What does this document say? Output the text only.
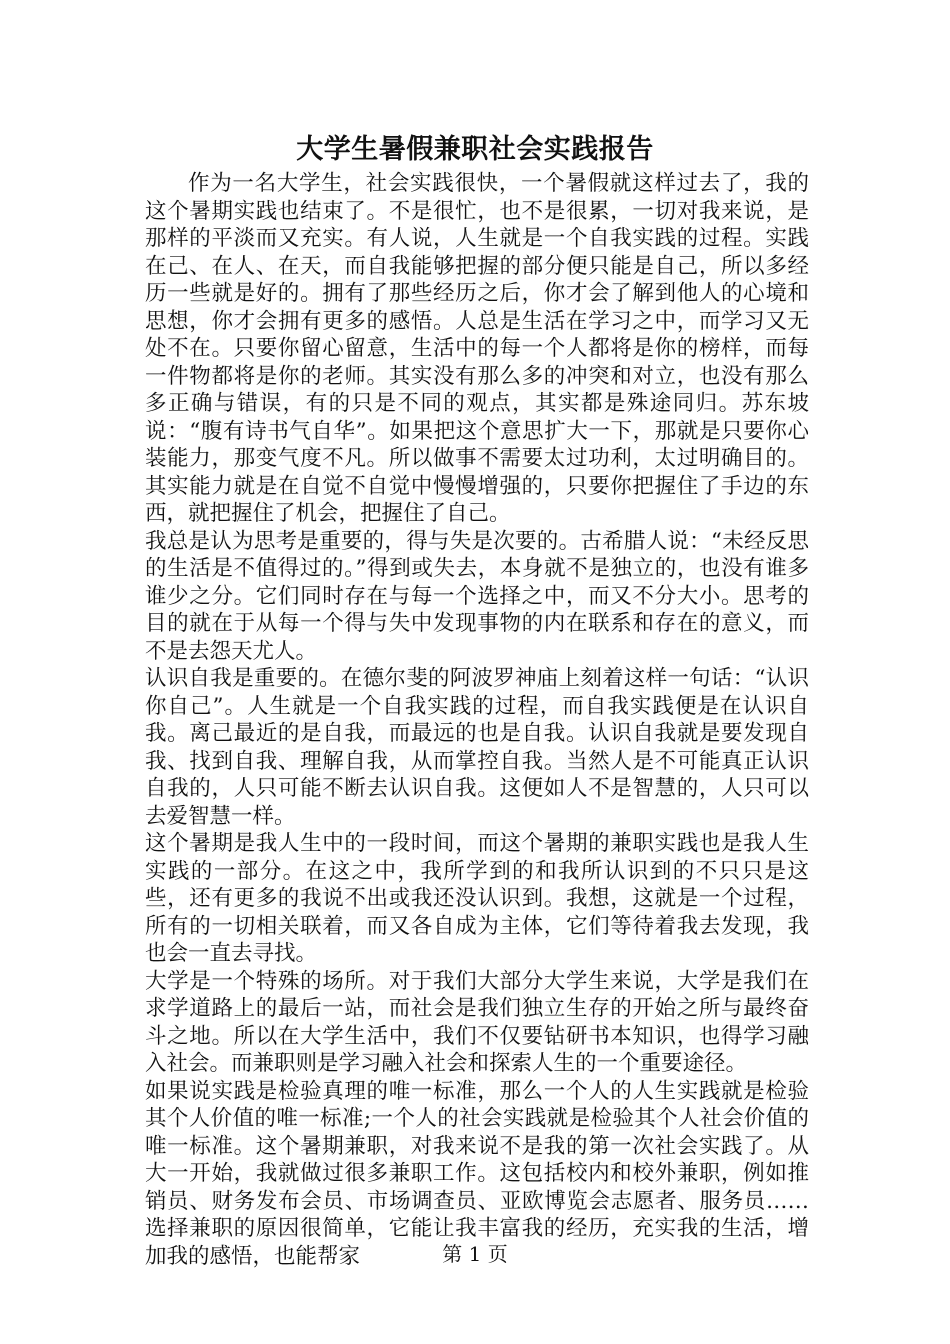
大学生暑假兼职社会实践报告

作为一名大学生，社会实践很快，一个暑假就这样过去了，我的这个暑期实践也结束了。不是很忙，也不是很累，一切对我来说，是那样的平淡而又充实。有人说，人生就是一个自我实践的过程。实践在己、在人、在天，而自我能够把握的部分便只能是自己，所以多经历一些就是好的。拥有了那些经历之后，你才会了解到他人的心境和思想，你才会拥有更多的感悟。人总是生活在学习之中，而学习又无处不在。只要你留心留意，生活中的每一个人都将是你的榜样，而每一件物都将是你的老师。其实没有那么多的冲突和对立，也没有那么多正确与错误，有的只是不同的观点，其实都是殊途同归。苏东坡说：“腹有诗书气自华”。如果把这个意思扩大一下，那就是只要你心装能力，那变气度不凡。所以做事不需要太过功利，太过明确目的。其实能力就是在自觉不自觉中慢慢增强的，只要你把握住了手边的东西，就把握住了机会，把握住了自己。

我总是认为思考是重要的，得与失是次要的。古希腊人说：“未经反思的生活是不值得过的。”得到或失去，本身就不是独立的，也没有谁多谁少之分。它们同时存在与每一个选择之中，而又不分大小。思考的目的就在于从每一个得与失中发现事物的内在联系和存在的意义，而不是去怨天尤人。

认识自我是重要的。在德尔斐的阿波罗神庙上刻着这样一句话：“认识你自己”。人生就是一个自我实践的过程，而自我实践便是在认识自我。离己最近的是自我，而最远的也是自我。认识自我就是要发现自我、找到自我、理解自我，从而掌控自我。当然人是不可能真正认识自我的，人只可能不断去认识自我。这便如人不是智慧的，人只可以去爱智慧一样。

这个暑期是我人生中的一段时间，而这个暑期的兼职实践也是我人生实践的一部分。在这之中，我所学到的和我所认识到的不只只是这些，还有更多的我说不出或我还没认识到。我想，这就是一个过程，所有的一切相关联着，而又各自成为主体，它们等待着我去发现，我也会一直去寻找。

大学是一个特殊的场所。对于我们大部分大学生来说，大学是我们在求学道路上的最后一站，而社会是我们独立生存的开始之所与最终奋斗之地。所以在大学生活中，我们不仅要钻研书本知识，也得学习融入社会。而兼职则是学习融入社会和探索人生的一个重要途径。

如果说实践是检验真理的唯一标准，那么一个人的人生实践就是检验其个人价值的唯一标准;一个人的社会实践就是检验其个人社会价值的唯一标准。这个暑期兼职，对我来说不是我的第一次社会实践了。从大一开始，我就做过很多兼职工作。这包括校内和校外兼职，例如推销员、财务发布会员、市场调查员、亚欧博览会志愿者、服务员……选择兼职的原因很简单，它能让我丰富我的经历，充实我的生活，增加我的感悟，也能帮家	第 1 页
